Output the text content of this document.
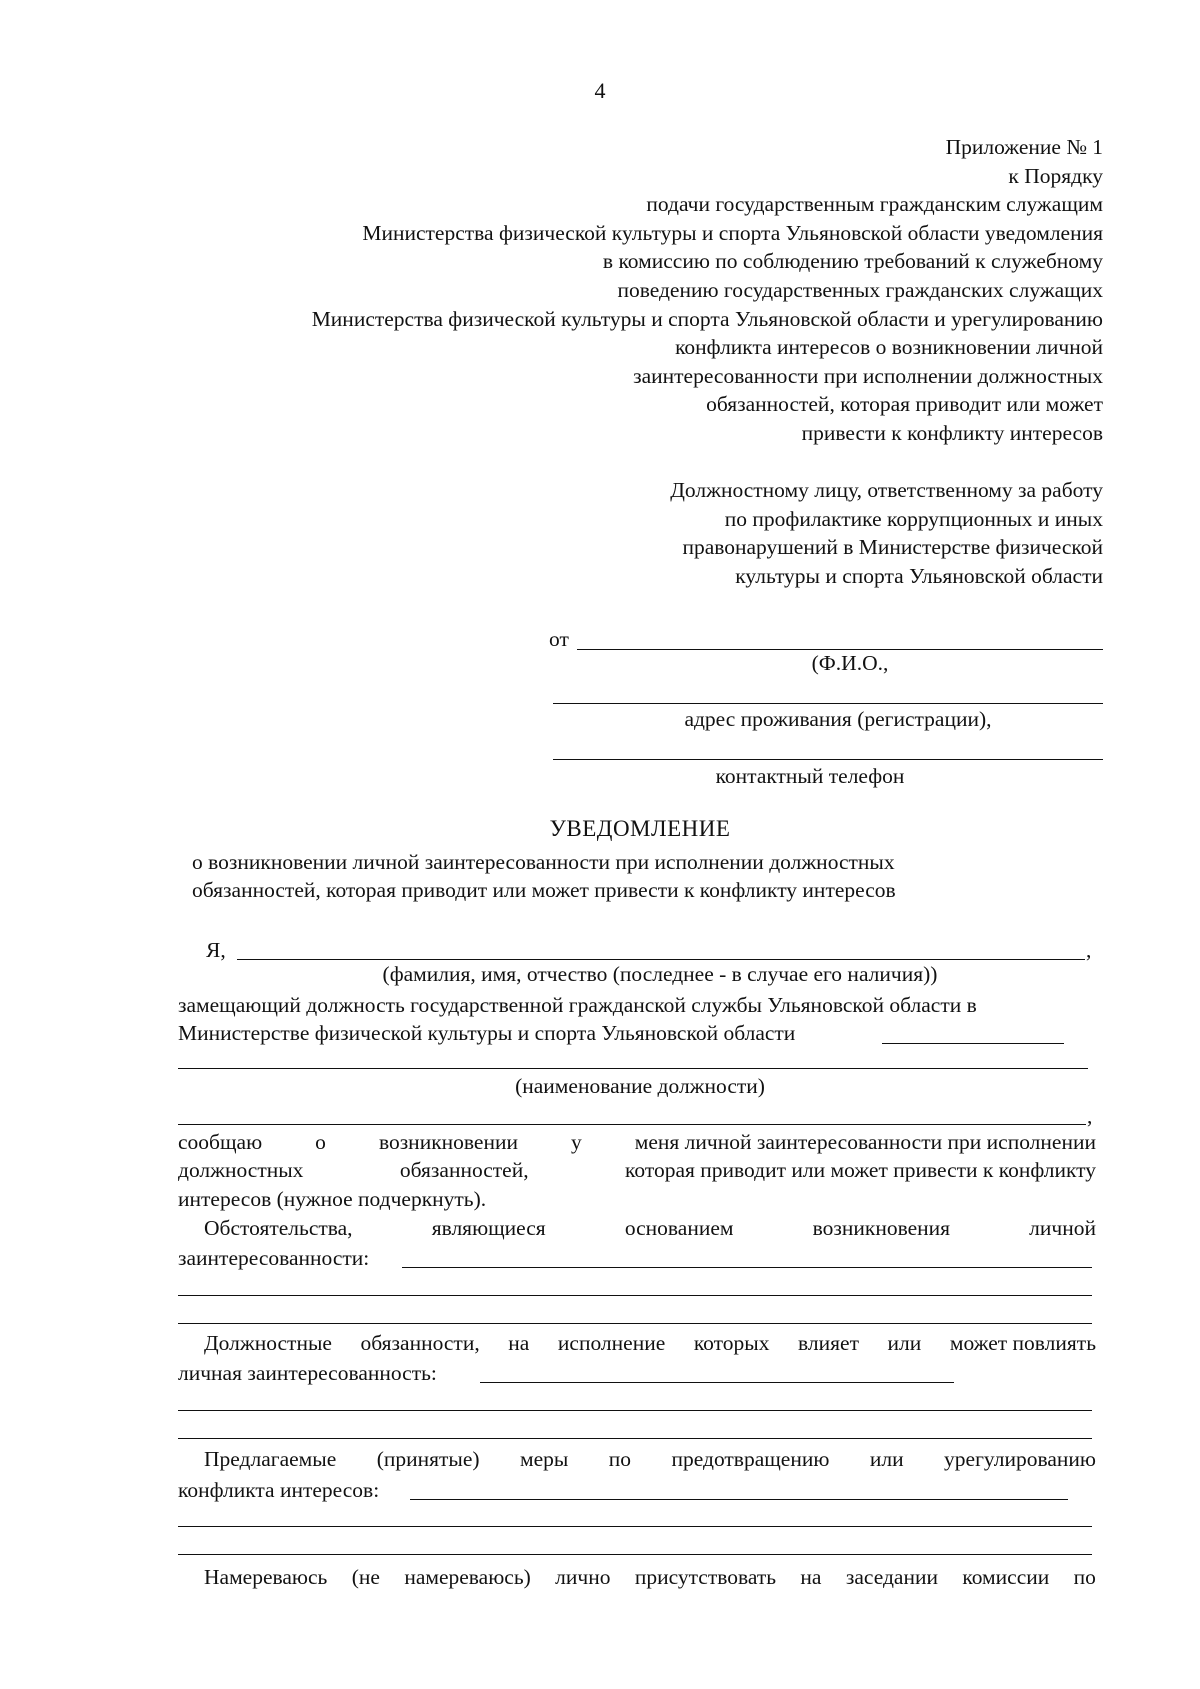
4
Приложение № 1
к Порядку
подачи государственным гражданским служащим
Министерства физической культуры и спорта Ульяновской области уведомления
в комиссию по соблюдению требований к служебному
поведению государственных гражданских служащих
Министерства физической культуры и спорта Ульяновской области и урегулированию
конфликта интересов о возникновении личной
заинтересованности при исполнении должностных
обязанностей, которая приводит или может
привести к конфликту интересов
Должностному лицу, ответственному за работу
по профилактике коррупционных и иных
правонарушений в Министерстве физической
культуры и спорта Ульяновской области
от
(Ф.И.О.,
адрес проживания (регистрации),
контактный телефон
УВЕДОМЛЕНИЕ
о возникновении личной заинтересованности при исполнении должностных
обязанностей, которая приводит или может привести к конфликту интересов
Я,	,
(фамилия, имя, отчество (последнее - в случае его наличия))
замещающий должность государственной гражданской службы Ульяновской области в
Министерстве физической культуры и спорта Ульяновской области
(наименование должности)
,
сообщаю о возникновении у меня личной заинтересованности при исполнении
должностных	обязанностей,	которая приводит или может привести к конфликту
интересов (нужное подчеркнуть).
Обстоятельства,	являющиеся	основанием	возникновения	личной
заинтересованности:
Должностные обязанности, на исполнение которых влияет или может повлиять
личная заинтересованность:
Предлагаемые (принятые) меры по предотвращению или урегулированию
конфликта интересов:
Намереваюсь (не намереваюсь) лично присутствовать на заседании комиссии по
